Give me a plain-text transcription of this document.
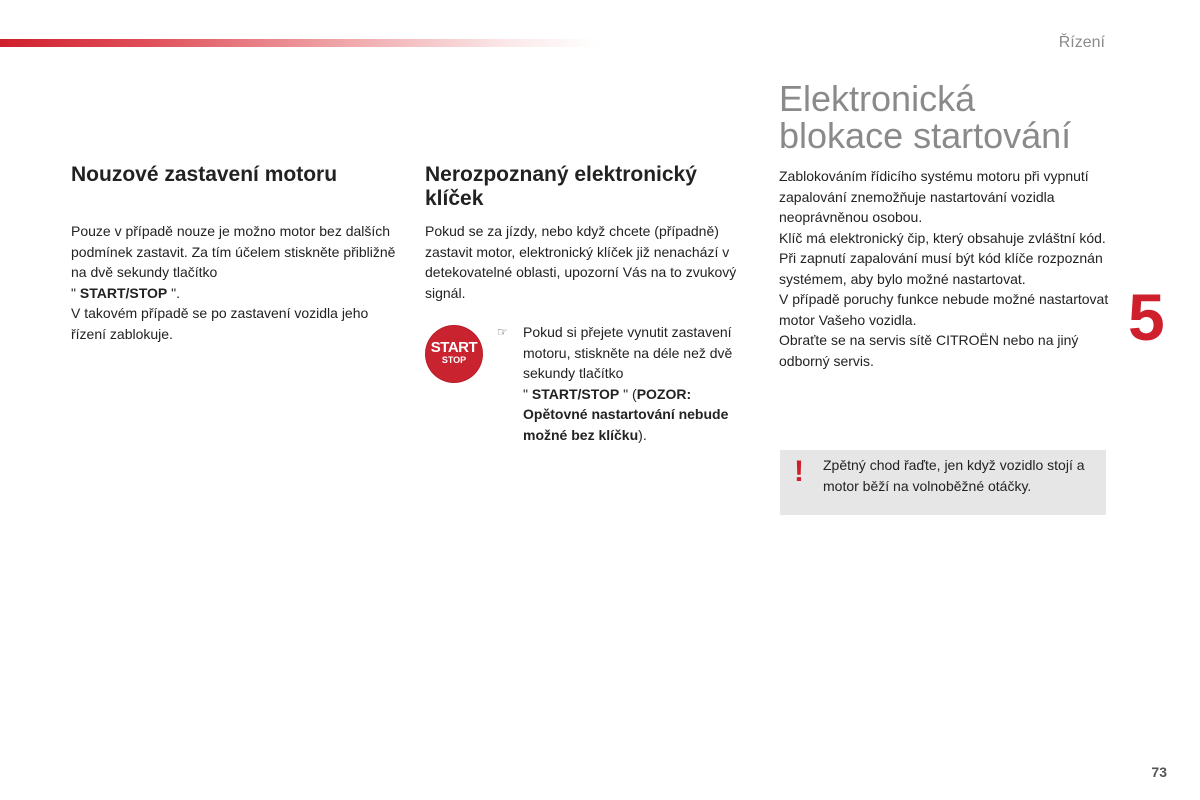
Řízení
5
73
Nouzové zastavení motoru

Pouze v případě nouze je možno motor bez dalších podmínek zastavit. Za tím účelem stiskněte přibližně na dvě sekundy tlačítko
" START/STOP ".

V takovém případě se po zastavení vozidla jeho řízení zablokuje.

Nerozpoznaný elektronický klíček

Pokud se za jízdy, nebo když chcete (případně) zastavit motor, elektronický klíček již nenachází v detekovatelné oblasti, upozorní Vás na to zvukový signál.

START
STOP
☞ Pokud si přejete vynutit zastavení motoru, stiskněte na déle než dvě sekundy tlačítko
" START/STOP " (POZOR: Opětovné nastartování nebude možné bez klíčku).

Elektronická
blokace startování

Zablokováním řídicího systému motoru při vypnutí zapalování znemožňuje nastartování vozidla neoprávněnou osobou.

Klíč má elektronický čip, který obsahuje zvláštní kód. Při zapnutí zapalování musí být kód klíče rozpoznán systémem, aby bylo možné nastartovat.

V případě poruchy funkce nebude možné nastartovat motor Vašeho vozidla.

Obraťte se na servis sítě CITROËN nebo na jiný odborný servis.

! Zpětný chod řaďte, jen když vozidlo stojí a motor běží na volnoběžné otáčky.
